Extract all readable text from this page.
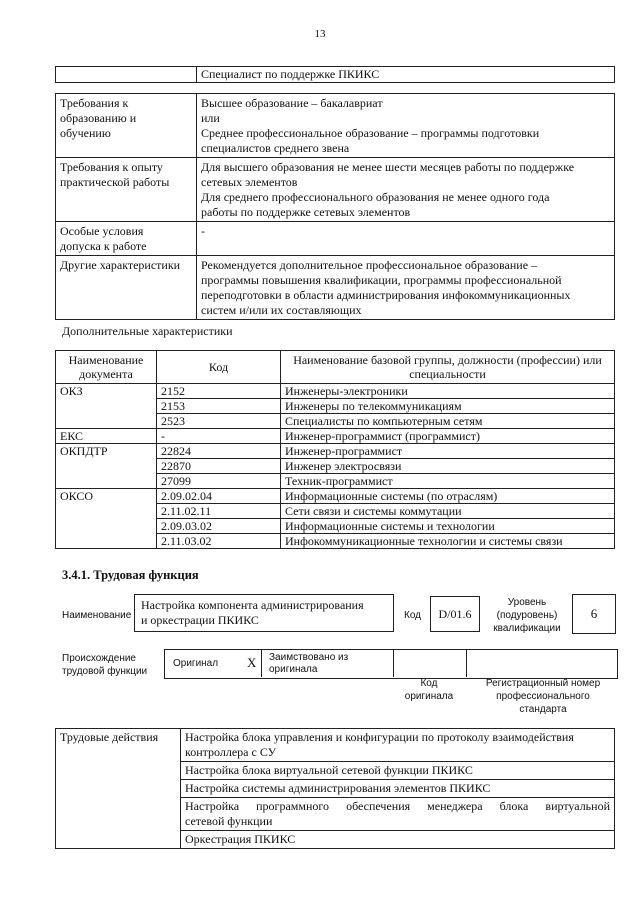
13
	Специалист по поддержке ПКИКС
Требования к
образованию и
обучению	Высшее образование – бакалавриат
или
Среднее профессиональное образование – программы подготовки
специалистов среднего звена

Требования к опыту
практической работы	Для высшего образования не менее шести месяцев работы по поддержке
сетевых элементов
Для среднего профессионального образования не менее одного года
работы по поддержке сетевых элементов

Особые условия
допуска к работе	-

Другие характеристики	Рекомендуется дополнительное профессиональное образование –
программы повышения квалификации, программы профессиональной
переподготовки в области администрирования инфокоммуникационных
систем и/или их составляющих
Дополнительные характеристики
Наименование документа	Код	Наименование базовой группы, должности (профессии) или специальности
ОКЗ	2152	Инженеры-электроники
	2153	Инженеры по телекоммуникациям
	2523	Специалисты по компьютерным сетям
ЕКС	-	Инженер-программист (программист)
ОКПДТР	22824	Инженер-программист
	22870	Инженер электросвязи
	27099	Техник-программист
ОКСО	2.09.02.04	Информационные системы (по отраслям)
	2.11.02.11	Сети связи и системы коммутации
	2.09.03.02	Информационные системы и технологии
	2.11.03.02	Инфокоммуникационные технологии и системы связи
3.4.1. Трудовая функция
Наименование
Настройка компонента администрирования
и оркестрации ПКИКС	Код	D/01.6
Уровень
(подуровень)
квалификации
6
Происхождение
трудовой функции
Оригинал X Заимствовано из
оригинала
Код
оригинала
Регистрационный номер
профессионального
стандарта
Трудовые действия	Настройка блока управления и конфигурации по протоколу взаимодействия
контроллера с СУ

Настройка блока виртуальной сетевой функции ПКИКС
Настройка системы администрирования элементов ПКИКС

Настройка программного обеспечения менеджера блока виртуальной
сетевой функции

Оркестрация ПКИКС
